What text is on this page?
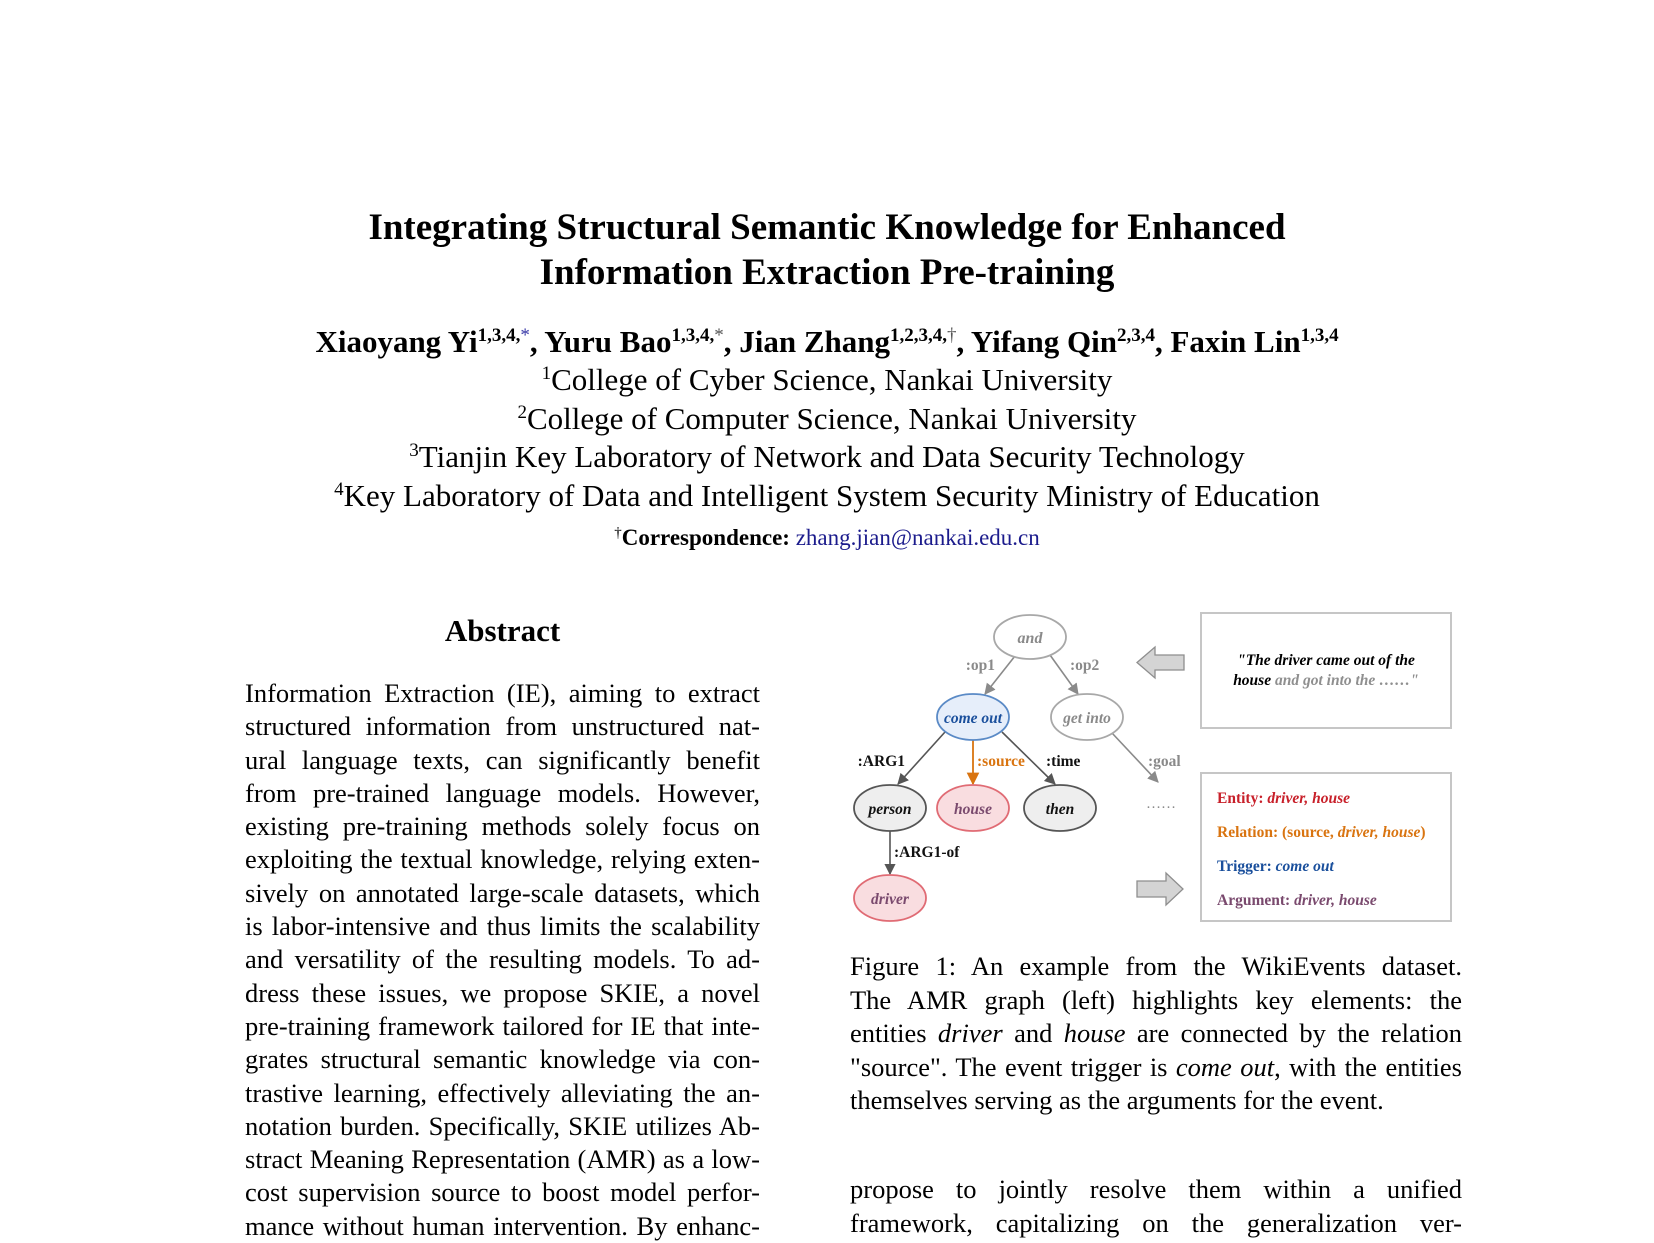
Integrating Structural Semantic Knowledge for Enhanced
Information Extraction Pre-training
Xiaoyang $Yi^{1,3,4,*}$, Yuru Bao$^{1,3,4,*}$, Jian Zhang$^{1,2,3,4,\dagger}$, Yifang Qin$^{2,3,4}$, Faxin Lin$^{1,3,4}$
$^1$College of Cyber Science, Nankai University
$^2$College of Computer Science, Nankai University
$^3$Tianjin Key Laboratory of Network and Data Security Technology
$^4$Key Laboratory of Data and Intelligent System Security Ministry of Education
†Correspondence: zhang.jian@nankai.edu.cn
Abstract
Information Extraction (IE), aiming to extract
structured information from unstructured nat-
ural language texts, can significantly benefit
from pre-trained language models. However,
existing pre-training methods solely focus on
exploiting the textual knowledge, relying exten-
sively on annotated large-scale datasets, which
is labor-intensive and thus limits the scalability
and versatility of the resulting models. To ad-
dress these issues, we propose SKIE, a novel
pre-training framework tailored for IE that inte-
grates structural semantic knowledge via con-
trastive learning, effectively alleviating the an-
notation burden. Specifically, SKIE utilizes Ab-
stract Meaning Representation (AMR) as a low-
cost supervision source to boost model perfor-
mance without human intervention. By enhanc-
:op1	:op2
:ARG1	:source :time	:goal
:ARG1-of
and
come out	get into
person	house	then
driver
……
"The driver came out of the
house and got into the ……"
Entity: driver, house
Relation: (source, driver, house)
Trigger: come out
Argument: driver, house
Figure 1: An example from the WikiEvents dataset.
The AMR graph (left) highlights key elements: the
entities driver and house are connected by the relation
"source". The event trigger is come out, with the entities
themselves serving as the arguments for the event.
propose to jointly resolve them within a unified
framework, capitalizing on the generalization ver-
